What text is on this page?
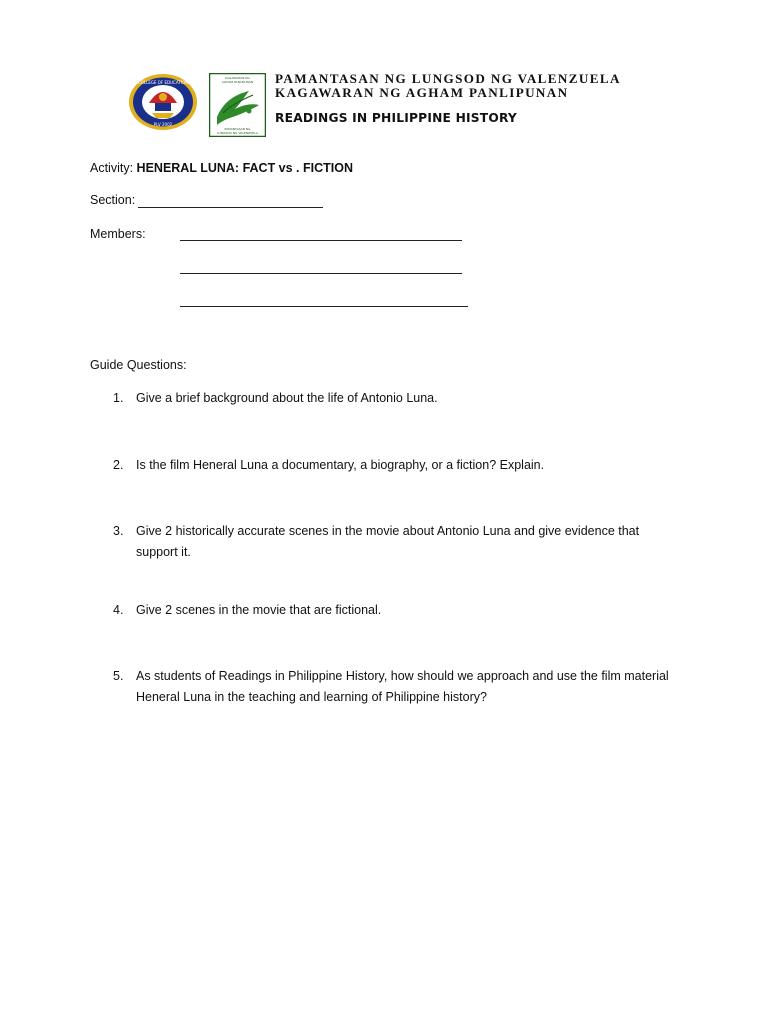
COLLEGE OF EDUCATION
PLV 2002
KAGAWARAN NG
AGHAM PANLIPUNAN
PAMANTASAN NG
LUNGSOD NG VALENZUELA
PAMANTASAN NG LUNGSOD NG VALENZUELA
KAGAWARAN NG AGHAM PANLIPUNAN
READINGS IN PHILIPPINE HISTORY
Activity: HENERAL LUNA: FACT vs . FICTION
Section:
Members:
Guide Questions:
1. Give a brief background about the life of Antonio Luna.
2. Is the film Heneral Luna a documentary, a biography, or a fiction? Explain.
3. Give 2 historically accurate scenes in the movie about Antonio Luna and give evidence that
support it.
4. Give 2 scenes in the movie that are fictional.
5. As students of Readings in Philippine History, how should we approach and use the film material
Heneral Luna in the teaching and learning of Philippine history?
